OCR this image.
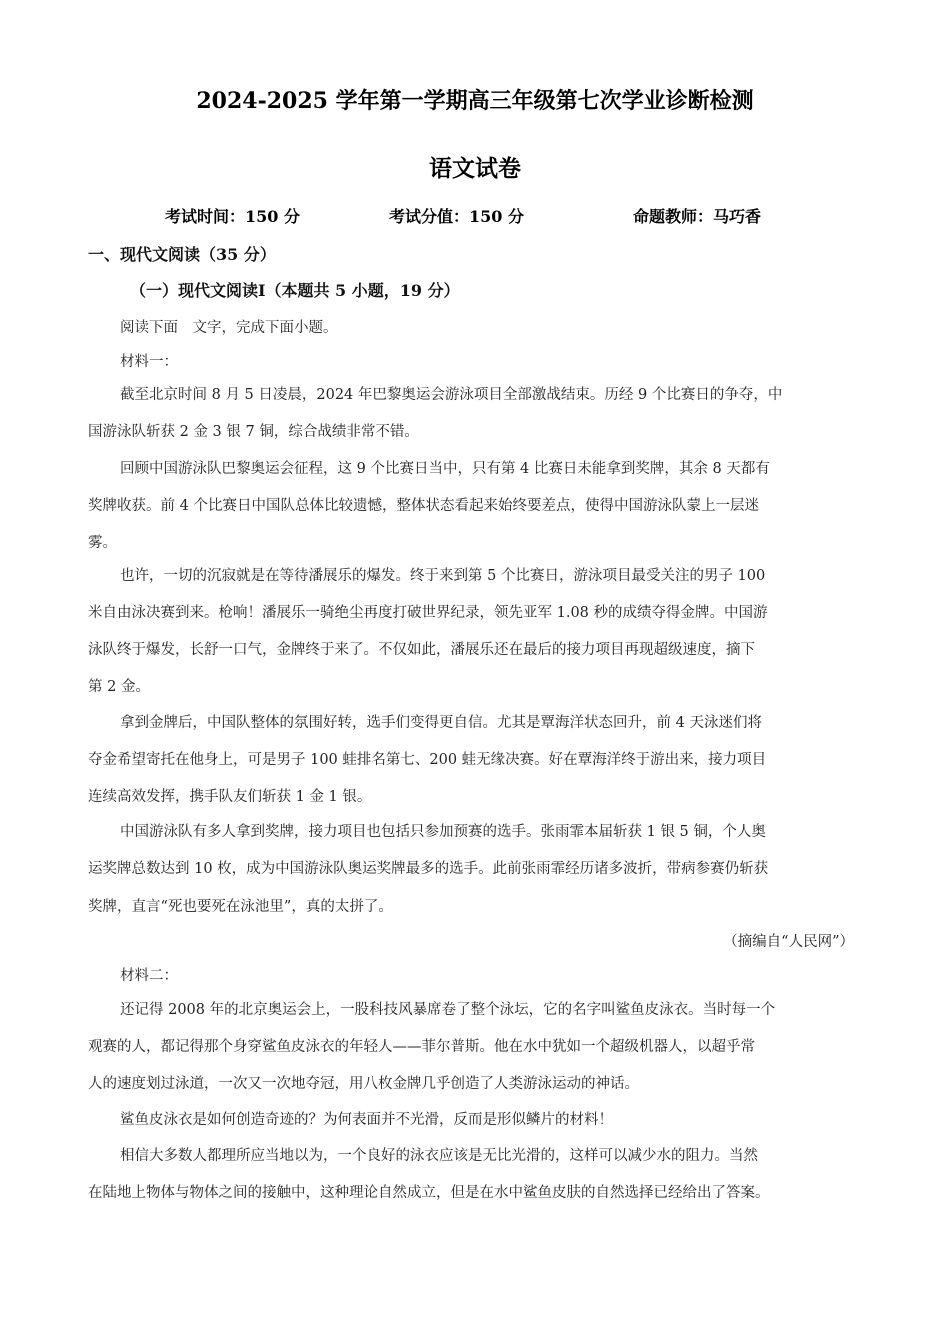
2024-2025 学年第一学期高三年级第七次学业诊断检测
语文试卷
考试时间：150 分	考试分值：150 分	命题教师：马巧香
一、现代文阅读（35 分）
（一）现代文阅读Ⅰ（本题共 5 小题，19 分）
阅读下面　文字，完成下面小题。
材料一：
截至北京时间 8 月 5 日凌晨，2024 年巴黎奥运会游泳项目全部激战结束。历经 9 个比赛日的争夺，中
国游泳队斩获 2 金 3 银 7 铜，综合战绩非常不错。
回顾中国游泳队巴黎奥运会征程，这 9 个比赛日当中，只有第 4 比赛日未能拿到奖牌，其余 8 天都有
奖牌收获。前 4 个比赛日中国队总体比较遗憾，整体状态看起来始终要差点，使得中国游泳队蒙上一层迷
雾。
也许，一切的沉寂就是在等待潘展乐的爆发。终于来到第 5 个比赛日，游泳项目最受关注的男子 100
米自由泳决赛到来。枪响！潘展乐一骑绝尘再度打破世界纪录，领先亚军 1.08 秒的成绩夺得金牌。中国游
泳队终于爆发，长舒一口气，金牌终于来了。不仅如此，潘展乐还在最后的接力项目再现超级速度，摘下
第 2 金。
拿到金牌后，中国队整体的氛围好转，选手们变得更自信。尤其是覃海洋状态回升，前 4 天泳迷们将
夺金希望寄托在他身上，可是男子 100 蛙排名第七、200 蛙无缘决赛。好在覃海洋终于游出来，接力项目
连续高效发挥，携手队友们斩获 1 金 1 银。
中国游泳队有多人拿到奖牌，接力项目也包括只参加预赛的选手。张雨霏本届斩获 1 银 5 铜，个人奥
运奖牌总数达到 10 枚，成为中国游泳队奥运奖牌最多的选手。此前张雨霏经历诸多波折，带病参赛仍斩获
奖牌，直言“死也要死在泳池里”，真的太拼了。
（摘编自“人民网”）
材料二：
还记得 2008 年的北京奥运会上，一股科技风暴席卷了整个泳坛，它的名字叫鲨鱼皮泳衣。当时每一个
观赛的人，都记得那个身穿鲨鱼皮泳衣的年轻人——菲尔普斯。他在水中犹如一个超级机器人，以超乎常
人的速度划过泳道，一次又一次地夺冠，用八枚金牌几乎创造了人类游泳运动的神话。
鲨鱼皮泳衣是如何创造奇迹的？为何表面并不光滑，反而是形似鳞片的材料！
相信大多数人都理所应当地以为，一个良好的泳衣应该是无比光滑的，这样可以减少水的阻力。当然
在陆地上物体与物体之间的接触中，这种理论自然成立，但是在水中鲨鱼皮肤的自然选择已经给出了答案。
